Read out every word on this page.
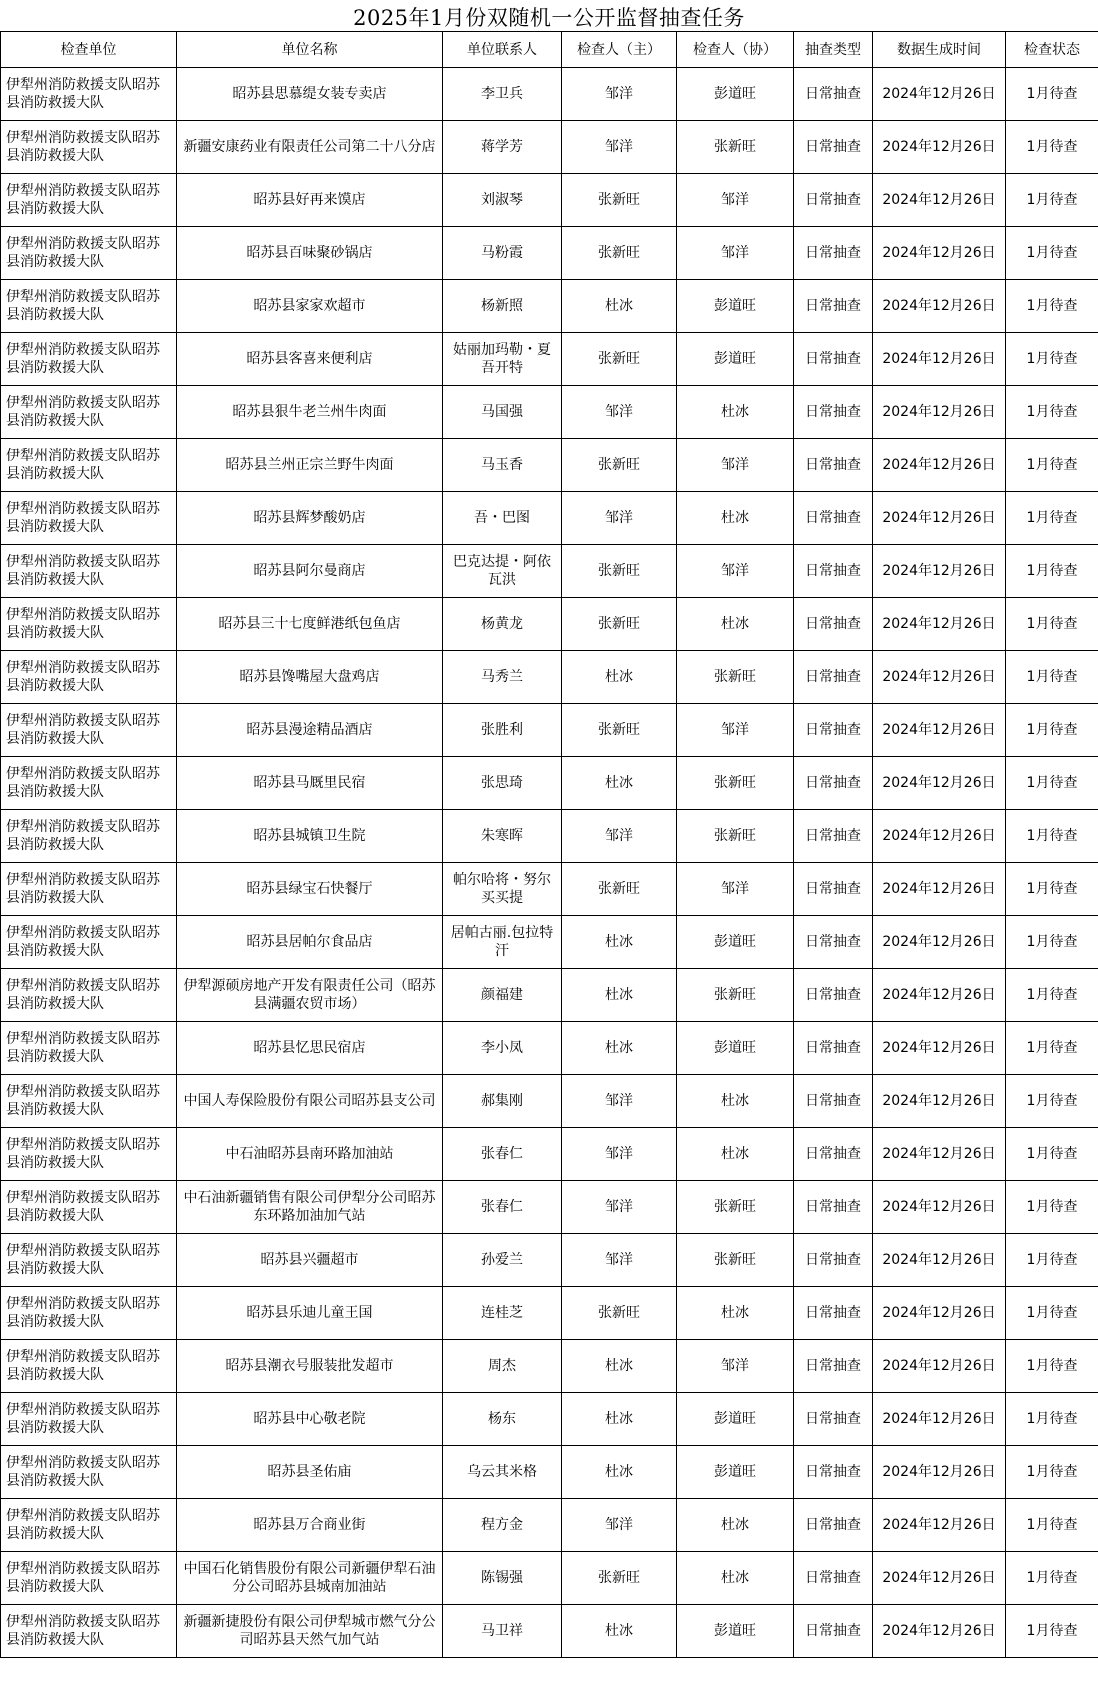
2025年1月份双随机一公开监督抽查任务
检查单位	单位名称	单位联系人	检查人（主）	检查人（协）	抽查类型	数据生成时间	检查状态
伊犁州消防救援支队昭苏县消防救援大队	昭苏县思慕缇女装专卖店	李卫兵	邹洋	彭道旺	日常抽查	2024年12月26日	1月待查
伊犁州消防救援支队昭苏县消防救援大队	新疆安康药业有限责任公司第二十八分店	蒋学芳	邹洋	张新旺	日常抽查	2024年12月26日	1月待查
伊犁州消防救援支队昭苏县消防救援大队	昭苏县好再来馍店	刘淑琴	张新旺	邹洋	日常抽查	2024年12月26日	1月待查
伊犁州消防救援支队昭苏县消防救援大队	昭苏县百味聚砂锅店	马粉霞	张新旺	邹洋	日常抽查	2024年12月26日	1月待查
伊犁州消防救援支队昭苏县消防救援大队	昭苏县家家欢超市	杨新照	杜冰	彭道旺	日常抽查	2024年12月26日	1月待查
伊犁州消防救援支队昭苏县消防救援大队	昭苏县客喜来便利店	姑丽加玛勒・夏吾开特	张新旺	彭道旺	日常抽查	2024年12月26日	1月待查
伊犁州消防救援支队昭苏县消防救援大队	昭苏县狠牛老兰州牛肉面	马国强	邹洋	杜冰	日常抽查	2024年12月26日	1月待查
伊犁州消防救援支队昭苏县消防救援大队	昭苏县兰州正宗兰野牛肉面	马玉香	张新旺	邹洋	日常抽查	2024年12月26日	1月待查
伊犁州消防救援支队昭苏县消防救援大队	昭苏县辉梦酸奶店	吾・巴图	邹洋	杜冰	日常抽查	2024年12月26日	1月待查
伊犁州消防救援支队昭苏县消防救援大队	昭苏县阿尔曼商店	巴克达提・阿依瓦洪	张新旺	邹洋	日常抽查	2024年12月26日	1月待查
伊犁州消防救援支队昭苏县消防救援大队	昭苏县三十七度鲜港纸包鱼店	杨黄龙	张新旺	杜冰	日常抽查	2024年12月26日	1月待查
伊犁州消防救援支队昭苏县消防救援大队	昭苏县馋嘴屋大盘鸡店	马秀兰	杜冰	张新旺	日常抽查	2024年12月26日	1月待查
伊犁州消防救援支队昭苏县消防救援大队	昭苏县漫途精品酒店	张胜利	张新旺	邹洋	日常抽查	2024年12月26日	1月待查
伊犁州消防救援支队昭苏县消防救援大队	昭苏县马厩里民宿	张思琦	杜冰	张新旺	日常抽查	2024年12月26日	1月待查
伊犁州消防救援支队昭苏县消防救援大队	昭苏县城镇卫生院	朱寒晖	邹洋	张新旺	日常抽查	2024年12月26日	1月待查
伊犁州消防救援支队昭苏县消防救援大队	昭苏县绿宝石快餐厅	帕尔哈将・努尔买买提	张新旺	邹洋	日常抽查	2024年12月26日	1月待查
伊犁州消防救援支队昭苏县消防救援大队	昭苏县居帕尔食品店	居帕古丽.包拉特汗	杜冰	彭道旺	日常抽查	2024年12月26日	1月待查
伊犁州消防救援支队昭苏县消防救援大队	伊犁源硕房地产开发有限责任公司（昭苏县满疆农贸市场）	颜福建	杜冰	张新旺	日常抽查	2024年12月26日	1月待查
伊犁州消防救援支队昭苏县消防救援大队	昭苏县忆思民宿店	李小凤	杜冰	彭道旺	日常抽查	2024年12月26日	1月待查
伊犁州消防救援支队昭苏县消防救援大队	中国人寿保险股份有限公司昭苏县支公司	郝集刚	邹洋	杜冰	日常抽查	2024年12月26日	1月待查
伊犁州消防救援支队昭苏县消防救援大队	中石油昭苏县南环路加油站	张春仁	邹洋	杜冰	日常抽查	2024年12月26日	1月待查
伊犁州消防救援支队昭苏县消防救援大队	中石油新疆销售有限公司伊犁分公司昭苏东环路加油加气站	张春仁	邹洋	张新旺	日常抽查	2024年12月26日	1月待查
伊犁州消防救援支队昭苏县消防救援大队	昭苏县兴疆超市	孙爱兰	邹洋	张新旺	日常抽查	2024年12月26日	1月待查
伊犁州消防救援支队昭苏县消防救援大队	昭苏县乐迪儿童王国	连桂芝	张新旺	杜冰	日常抽查	2024年12月26日	1月待查
伊犁州消防救援支队昭苏县消防救援大队	昭苏县潮衣号服装批发超市	周杰	杜冰	邹洋	日常抽查	2024年12月26日	1月待查
伊犁州消防救援支队昭苏县消防救援大队	昭苏县中心敬老院	杨东	杜冰	彭道旺	日常抽查	2024年12月26日	1月待查
伊犁州消防救援支队昭苏县消防救援大队	昭苏县圣佑庙	乌云其米格	杜冰	彭道旺	日常抽查	2024年12月26日	1月待查
伊犁州消防救援支队昭苏县消防救援大队	昭苏县万合商业街	程方金	邹洋	杜冰	日常抽查	2024年12月26日	1月待查
伊犁州消防救援支队昭苏县消防救援大队	中国石化销售股份有限公司新疆伊犁石油分公司昭苏县城南加油站	陈锡强	张新旺	杜冰	日常抽查	2024年12月26日	1月待查
伊犁州消防救援支队昭苏县消防救援大队	新疆新捷股份有限公司伊犁城市燃气分公司昭苏县天然气加气站	马卫祥	杜冰	彭道旺	日常抽查	2024年12月26日	1月待查
